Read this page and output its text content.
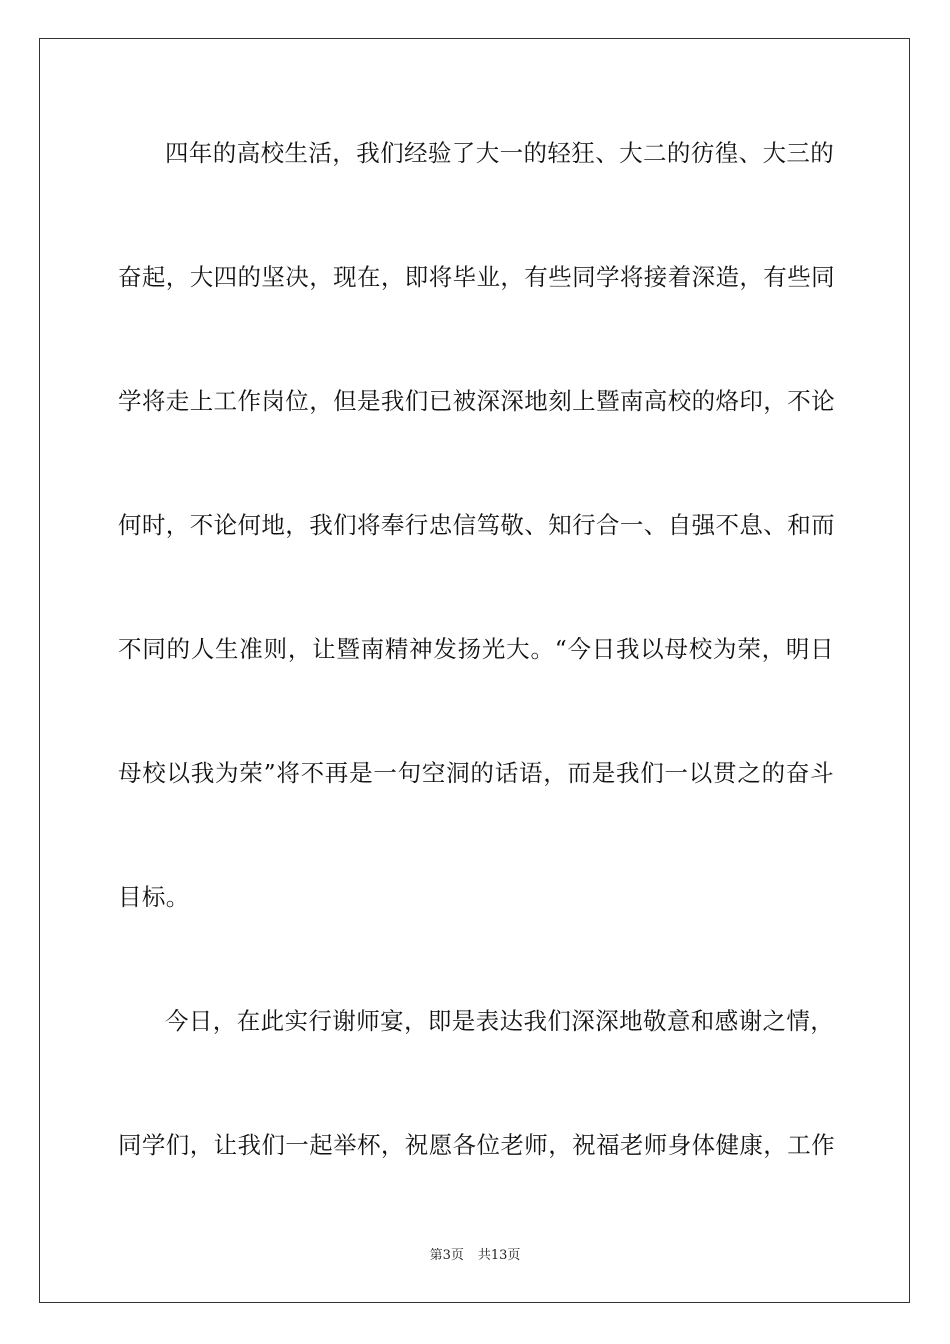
四年的高校生活，我们经验了大一的轻狂、大二的彷徨、大三的
奋起，大四的坚决，现在，即将毕业，有些同学将接着深造，有些同
学将走上工作岗位，但是我们已被深深地刻上暨南高校的烙印，不论
何时，不论何地，我们将奉行忠信笃敬、知行合一、自强不息、和而
不同的人生准则，让暨南精神发扬光大。“今日我以母校为荣，明日
母校以我为荣”将不再是一句空洞的话语，而是我们一以贯之的奋斗
目标。
今日，在此实行谢师宴，即是表达我们深深地敬意和感谢之情，
同学们，让我们一起举杯，祝愿各位老师，祝福老师身体健康，工作
第3页 共13页
